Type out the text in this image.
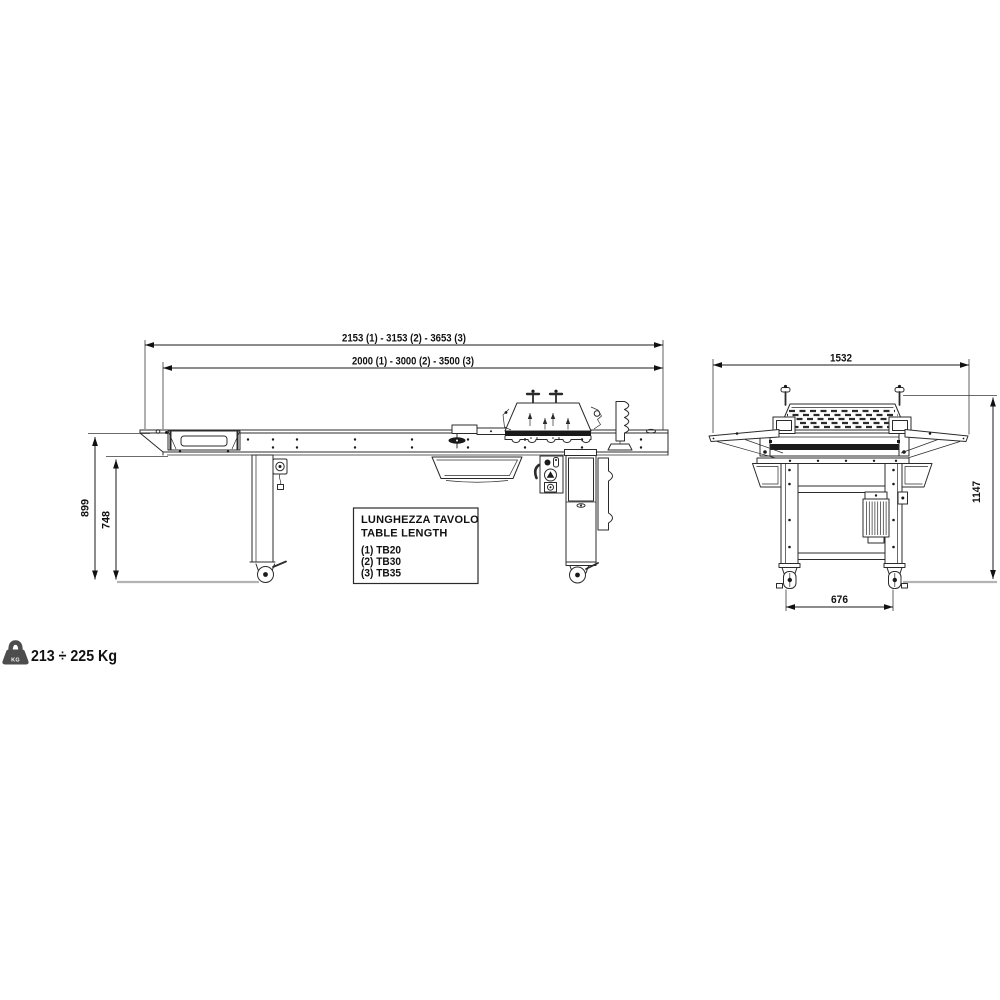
2153 (1) - 3153 (2) - 3653 (3)
2000 (1) - 3000 (2) - 3500 (3)
899
748
1532
1147
676
LUNGHEZZA TAVOLO
TABLE LENGTH
(1) TB20
(2) TB30
(3) TB35
KG 213 ÷ 225 Kg
